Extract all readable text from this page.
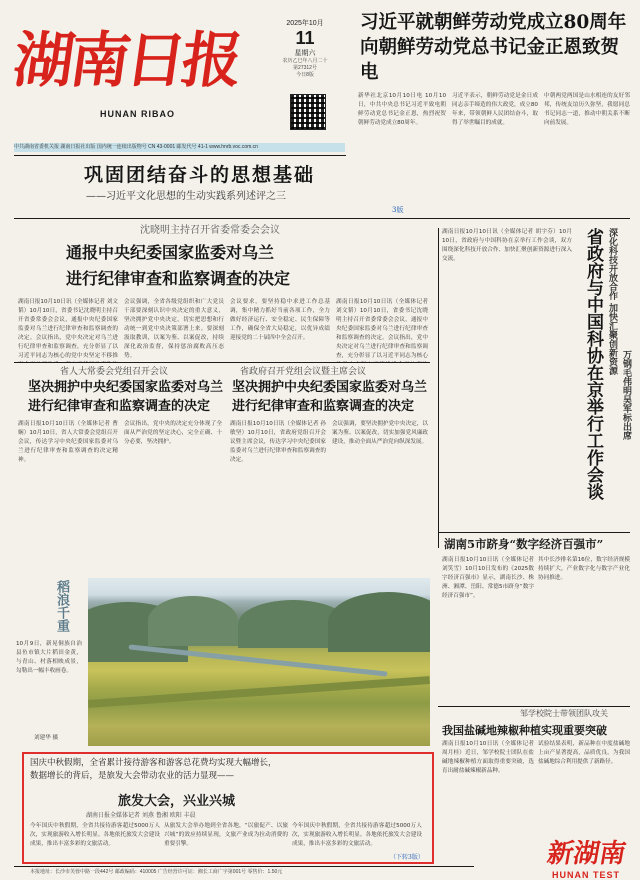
湖南日报
HUNAN RIBAO
2025年10月
11
星期六
农历乙巳年八月二十
第27312号
今日8版
中共湖南省委机关报 湖南日报社出版 国内统一连续出版物号 CN 43-0001 邮发代号 41-1 www.hnrb.voc.com.cn
习近平就朝鲜劳动党成立80周年
向朝鲜劳动党总书记金正恩致贺电
新华社北京10月10日电 10月10日，中共中央总书记习近平致电朝鲜劳动党总书记金正恩，热烈祝贺朝鲜劳动党成立80周年。
习近平表示，朝鲜劳动党是金日成同志亲手缔造的伟大政党，成立80年来，带领朝鲜人民团结奋斗，取得了举世瞩目的成就。
中朝两党两国是山水相连的友好邻邦，传统友谊历久弥坚，我愿同总书记同志一道，推动中朝关系不断向前发展。
巩固团结奋斗的思想基础
——习近平文化思想的生动实践系列述评之三
3版
沈晓明主持召开省委常委会会议
通报中央纪委国家监委对乌兰
进行纪律审查和监察调查的决定
湖南日报10月10日讯（全媒体记者 刘文韬）10月10日，省委书记沈晓明主持召开省委常委会会议，通报中央纪委国家监委对乌兰进行纪律审查和监察调查的决定。会议指出，党中央决定对乌兰进行纪律审查和监察调查，充分彰显了以习近平同志为核心的党中央坚定不移推
会议强调，全省各级党组织和广大党员干部要深刻认识中央决定的重大意义，坚决拥护党中央决定，切实把思想和行动统一到党中央决策部署上来。要深刻汲取教训，以案为鉴、以案促改，持续深化政治监督，保持惩治腐败高压态势。
会议要求，要坚持稳中求进工作总基调，集中精力抓好当前各项工作，全力做好经济运行、安全稳定、民生保障等工作，确保全省大局稳定，以优异成绩迎接党的二十届四中全会召开。
湖南日报10月10日讯（全媒体记者 刘文韬）10月10日，省委书记沈晓明主持召开省委常委会会议，通报中央纪委国家监委对乌兰进行纪律审查和监察调查的决定。会议指出，党中央决定对乌兰进行纪律审查和监察调查，充分彰显了以习近平同志为核心
省人大常委会党组召开会议
坚决拥护中央纪委国家监委对乌兰
进行纪律审查和监察调查的决定
湖南日报10月10日讯（全媒体记者 曹娴）10月10日，省人大常委会党组召开会议，传达学习中央纪委国家监委对乌兰进行纪律审查和监察调查的决定精神。
会议指出，党中央的决定充分体现了全面从严治党的坚定决心，完全正确、十分必要，坚决拥护。
省政府召开党组会议暨主席会议
坚决拥护中央纪委国家监委对乌兰
进行纪律审查和监察调查的决定
湖南日报10月10日讯（全媒体记者 孙敏坚）10月10日，省政府党组召开会议暨主席会议，传达学习中央纪委国家监委对乌兰进行纪律审查和监察调查的决定。
会议强调，要坚决拥护党中央决定，以案为鉴、以案促改，切实加强党风廉政建设，推动全面从严治党向纵深发展。
湖南日报10月10日讯（全媒体记者 胡宇芬）10月10日，省政府与中国科协在京举行工作会谈，双方围绕深化科技开放合作、加快汇聚创新资源进行深入交流。	省政府与中国科协在京举行工作会谈 深化科技开放合作 加快汇聚创新资源
万钢毛伟明吴军标出席
湖南5市跻身“数字经济百强市”
湖南日报10月10日讯（全媒体记者 刘笑雪）10月10日发布的《2025数字经济百强市》显示，湖南长沙、株洲、湘潭、岳阳、常德5市跻身“数字经济百强市”。
其中长沙排名第16位，数字经济规模持续扩大，产业数字化与数字产业化协同推进。
邹学校院士带领团队攻关
我国盐碱地辣椒种植实现重要突破
湖南日报10月10日讯（全媒体记者 周月桂）近日，邹学校院士团队在盐碱地辣椒种植方面取得重要突破，选育出耐盐碱辣椒新品种。
试验结果表明，新品种在中度盐碱地上亩产显著提高，品质优良，为我国盐碱地综合利用提供了新路径。
稻浪千重
10月9日，新晃侗族自治县鱼市镇大片稻田金黄，与青山、村落相映成景，勾勒出一幅丰收画卷。
刘建华 摄
国庆中秋假期，全省累计接待游客和游客总花费均实现大幅增长，
数据增长的背后，是旅发大会带动农业的活力显现——
旅发大会，兴业兴城
湖南日报全媒体记者 刘燕 鲁湘 欧阳 丰晨
今年国庆中秋假期，全省共接待游客超过5000万人次，实现旅游收入增长明显。各地依托旅发大会建设成果，推出丰富多彩的文旅活动。
从旅发大会举办地到全省各地，“以旅促产、以旅兴城”的效应持续显现，文旅产业成为拉动消费的重要引擎。
今年国庆中秋假期，全省共接待游客超过5000万人次，实现旅游收入增长明显。各地依托旅发大会建设成果，推出丰富多彩的文旅活动。
（下转3版）
本报地址：长沙市芙蓉中路一段442号 邮政编码：410005 广告经营许可证：湘长工商广字第001号 零售价：1.50元
新湖南
HUNAN TEST
